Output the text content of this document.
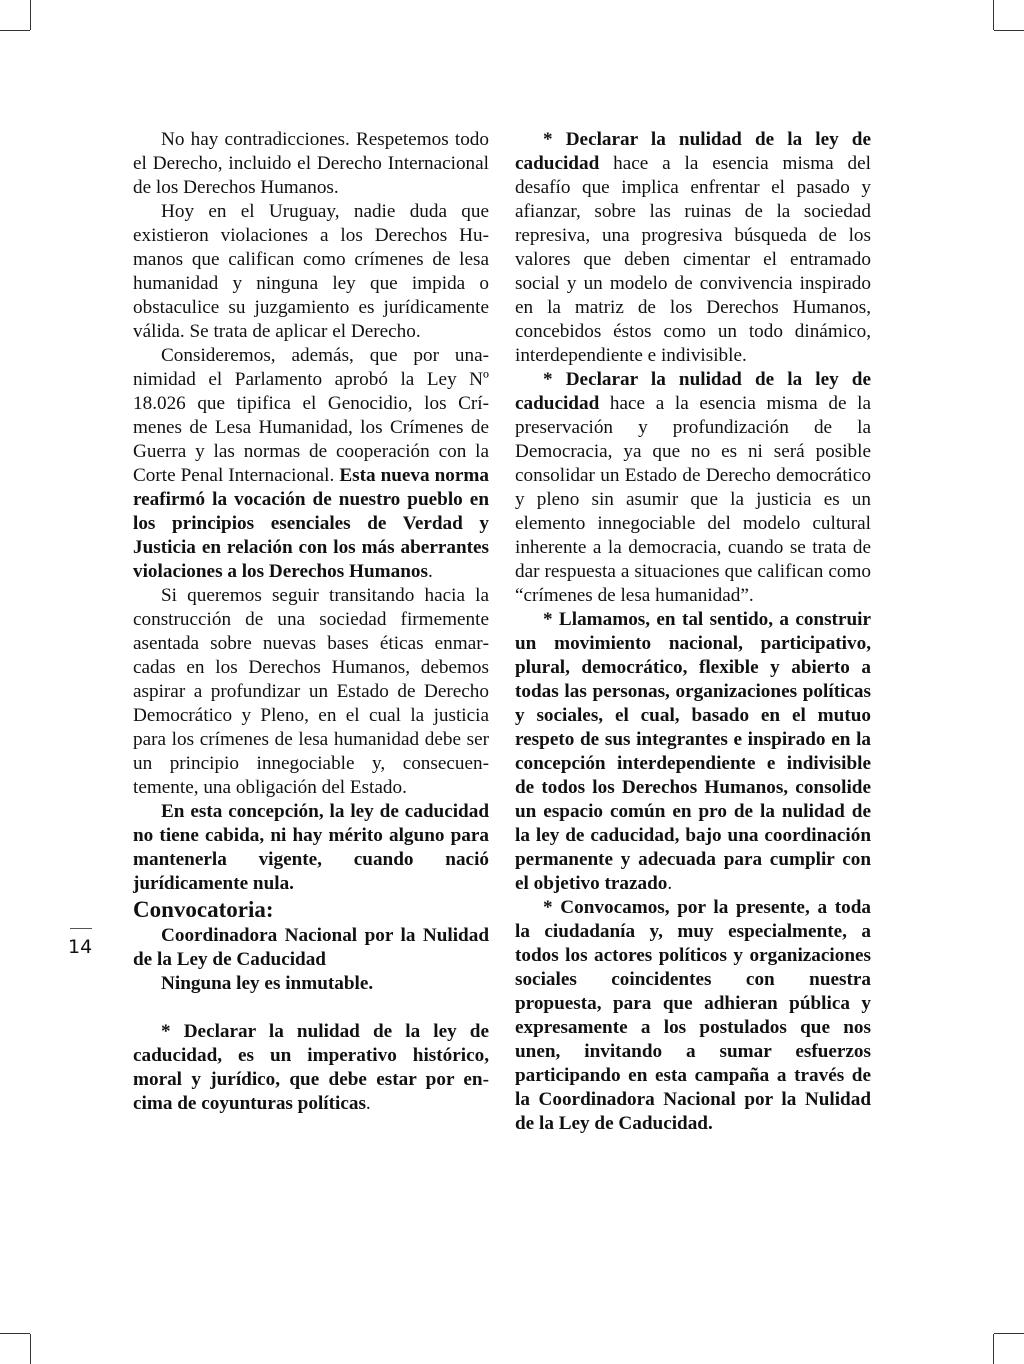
14

No hay contradicciones. Respetemos todo el Derecho, incluido el Derecho Internacional de los Derechos Humanos.

Hoy en el Uruguay, nadie duda que existieron violaciones a los Derechos Humanos que califican como crímenes de lesa humanidad y ninguna ley que impida o obstaculice su juzgamiento es jurídicamente válida. Se trata de aplicar el Derecho.

Consideremos, además, que por unanimidad el Parlamento aprobó la Ley Nº 18.026 que tipifica el Genocidio, los Crímenes de Lesa Humanidad, los Crímenes de Guerra y las normas de cooperación con la Corte Penal Internacional. Esta nueva norma reafirmó la vocación de nuestro pueblo en los principios esenciales de Verdad y Justicia en relación con los más aberrantes violaciones a los Derechos Humanos.

Si queremos seguir transitando hacia la construcción de una sociedad firmemente asentada sobre nuevas bases éticas enmarcadas en los Derechos Humanos, debemos aspirar a profundizar un Estado de Derecho Democrático y Pleno, en el cual la justicia para los crímenes de lesa humanidad debe ser un principio innegociable y, consecuentemente, una obligación del Estado.

En esta concepción, la ley de caducidad no tiene cabida, ni hay mérito alguno para mantenerla vigente, cuando nació jurídicamente nula.

Convocatoria:

Coordinadora Nacional por la Nulidad de la Ley de Caducidad

Ninguna ley es inmutable.

* Declarar la nulidad de la ley de caducidad, es un imperativo histórico, moral y jurídico, que debe estar por encima de coyunturas políticas.

* Declarar la nulidad de la ley de caducidad hace a la esencia misma del desafío que implica enfrentar el pasado y afianzar, sobre las ruinas de la sociedad represiva, una progresiva búsqueda de los valores que deben cimentar el entramado social y un modelo de convivencia inspirado en la matriz de los Derechos Humanos, concebidos éstos como un todo dinámico, interdependiente e indivisible.

* Declarar la nulidad de la ley de caducidad hace a la esencia misma de la preservación y profundización de la Democracia, ya que no es ni será posible consolidar un Estado de Derecho democrático y pleno sin asumir que la justicia es un elemento innegociable del modelo cultural inherente a la democracia, cuando se trata de dar respuesta a situaciones que califican como “crímenes de lesa humanidad”.

* Llamamos, en tal sentido, a construir un movimiento nacional, participativo, plural, democrático, flexible y abierto a todas las personas, organizaciones políticas y sociales, el cual, basado en el mutuo respeto de sus integrantes e inspirado en la concepción interdependiente e indivisible de todos los Derechos Humanos, consolide un espacio común en pro de la nulidad de la ley de caducidad, bajo una coordinación permanente y adecuada para cumplir con el objetivo trazado.

* Convocamos, por la presente, a toda la ciudadanía y, muy especialmente, a todos los actores políticos y organizaciones sociales coincidentes con nuestra propuesta, para que adhieran pública y expresamente a los postulados que nos unen, invitando a sumar esfuerzos participando en esta campaña a través de la Coordinadora Nacional por la Nulidad de la Ley de Caducidad.
